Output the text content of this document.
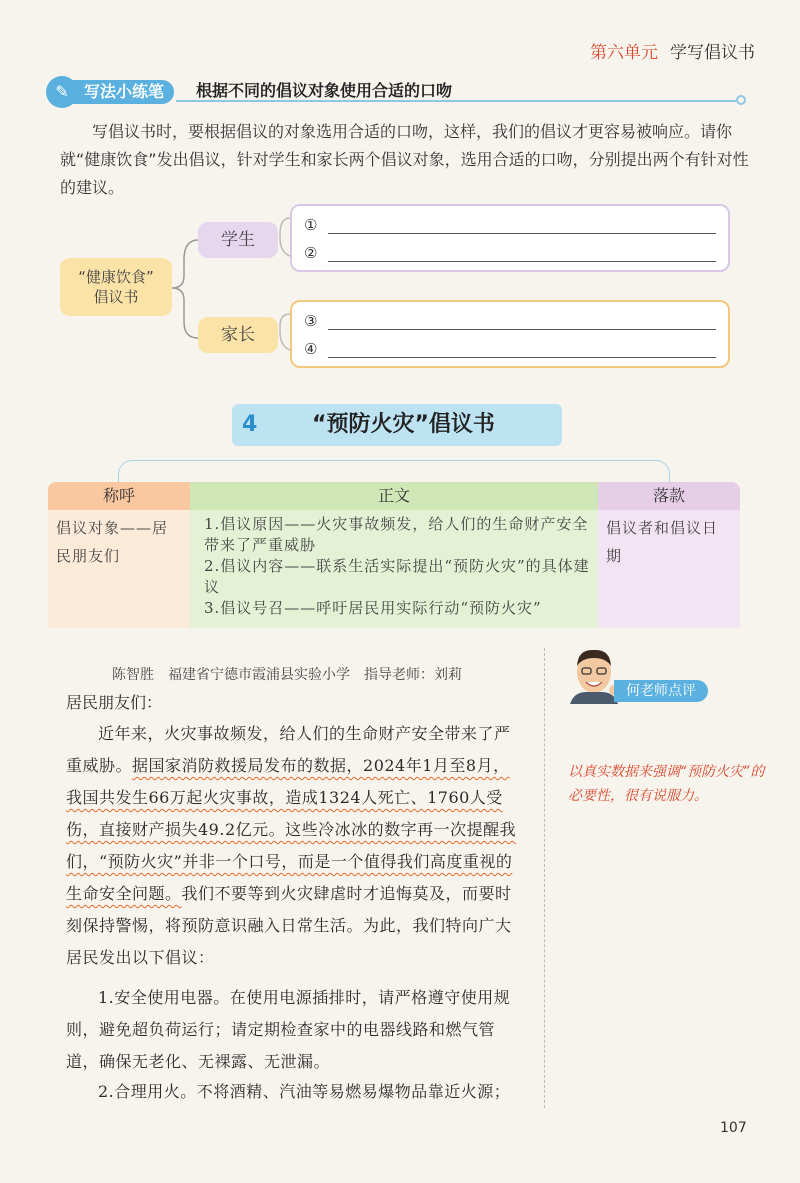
第六单元 学写倡议书
写法小练笔
✎	根据不同的倡议对象使用合适的口吻
写倡议书时，要根据倡议的对象选用合适的口吻，这样，我们的倡议才更容易被响应。请你就“健康饮食”发出倡议，针对学生和家长两个倡议对象，选用合适的口吻，分别提出两个有针对性的建议。
“健康饮食”
倡议书
学生
家长
①
②
③
④
4	“预防火灾”倡议书
称呼
倡议对象——居民朋友们
正文
1.倡议原因——火灾事故频发，给人们的生命财产安全带来了严重威胁
2.倡议内容——联系生活实际提出“预防火灾”的具体建议
3.倡议号召——呼吁居民用实际行动“预防火灾”
落款
倡议者和倡议日期
陈智胜　福建省宁德市霞浦县实验小学　指导老师：刘莉
何老师点评
以真实数据来强调“预防火灾”的必要性，很有说服力。
居民朋友们：
近年来，火灾事故频发，给人们的生命财产安全带来了严重威胁。据国家消防救援局发布的数据，2024年1月至8月，我国共发生66万起火灾事故，造成1324人死亡、1760人受伤，直接财产损失49.2亿元。这些冷冰冰的数字再一次提醒我们，“预防火灾”并非一个口号，而是一个值得我们高度重视的生命安全问题。我们不要等到火灾肆虐时才追悔莫及，而要时刻保持警惕，将预防意识融入日常生活。为此，我们特向广大居民发出以下倡议：
1.安全使用电器。在使用电源插排时，请严格遵守使用规则，避免超负荷运行；请定期检查家中的电器线路和燃气管道，确保无老化、无裸露、无泄漏。
2.合理用火。不将酒精、汽油等易燃易爆物品靠近火源；
107
